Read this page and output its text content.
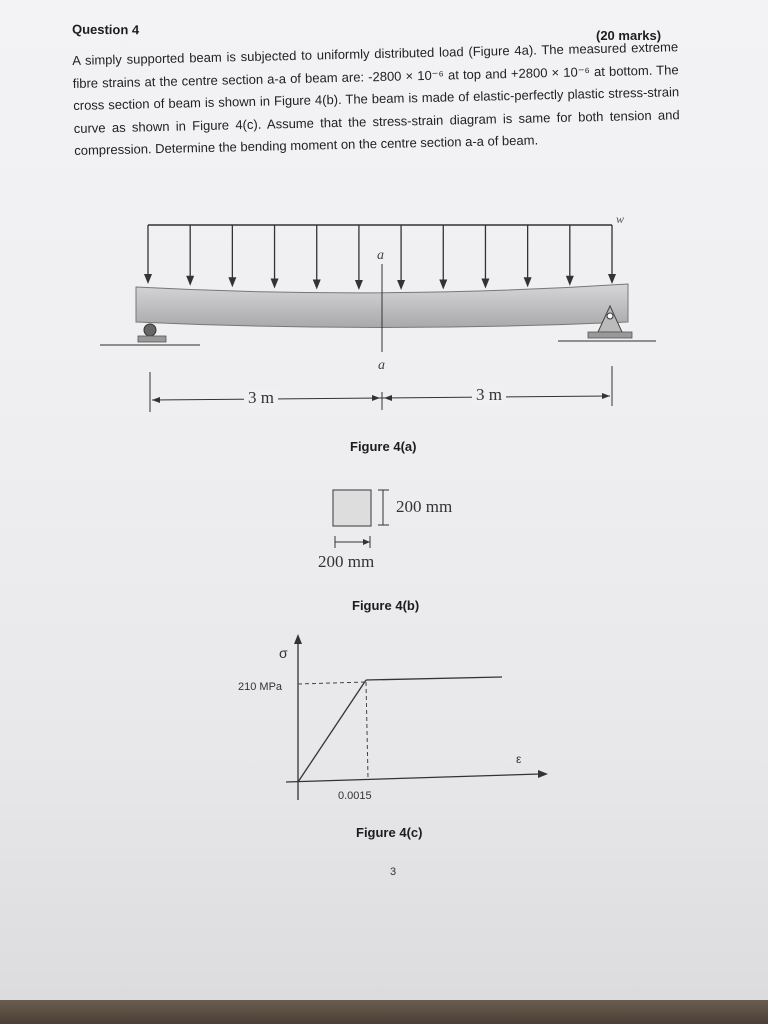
Question 4	(20 marks)
A simply supported beam is subjected to uniformly distributed load (Figure 4a). The measured extreme fibre strains at the centre section a-a of beam are: -2800 × 10⁻⁶ at top and +2800 × 10⁻⁶ at bottom. The cross section of beam is shown in Figure 4(b). The beam is made of elastic-perfectly plastic stress-strain curve as shown in Figure 4(c). Assume that the stress-strain diagram is same for both tension and compression. Determine the bending moment on the centre section a-a of beam.
w
a
a
3 m	3 m
Figure 4(a)
200 mm
200 mm
Figure 4(b)
σ
210 MPa
ε
0.0015
Figure 4(c)
3
